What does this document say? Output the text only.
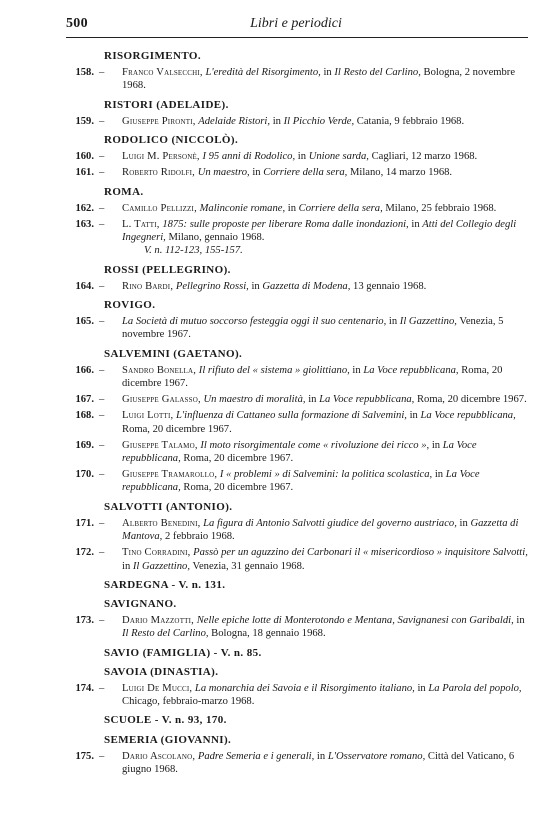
500	Libri e periodici
RISORGIMENTO.
158. – Franco Valsecchi, L'eredità del Risorgimento, in Il Resto del Carlino, Bologna, 2 novembre 1968.
RISTORI (ADELAIDE).
159. – Giuseppe Pironti, Adelaide Ristori, in Il Picchio Verde, Catania, 9 febbraio 1968.
RODOLICO (NICCOLÒ).
160. – Luigi M. Personè, I 95 anni di Rodolico, in Unione sarda, Cagliari, 12 marzo 1968.
161. – Roberto Ridolfi, Un maestro, in Corriere della sera, Milano, 14 marzo 1968.
ROMA.
162. – Camillo Pellizzi, Malinconie romane, in Corriere della sera, Milano, 25 febbraio 1968.
163. – L. Tatti, 1875: sulle proposte per liberare Roma dalle inondazioni, in Atti del Collegio degli Ingegneri, Milano, gennaio 1968.
V. n. 112-123, 155-157.
ROSSI (PELLEGRINO).
164. – Rino Bardi, Pellegrino Rossi, in Gazzetta di Modena, 13 gennaio 1968.
ROVIGO.
165. – La Società di mutuo soccorso festeggia oggi il suo centenario, in Il Gazzettino, Venezia, 5 novembre 1967.
SALVEMINI (GAETANO).
166. – Sandro Bonella, Il rifiuto del « sistema » giolittiano, in La Voce repubblicana, Roma, 20 dicembre 1967.
167. – Giuseppe Galasso, Un maestro di moralità, in La Voce repubblicana, Roma, 20 dicembre 1967.
168. – Luigi Lotti, L'influenza di Cattaneo sulla formazione di Salvemini, in La Voce repubblicana, Roma, 20 dicembre 1967.
169. – Giuseppe Talamo, Il moto risorgimentale come « rivoluzione dei ricco », in La Voce repubblicana, Roma, 20 dicembre 1967.
170. – Giuseppe Tramarollo, I « problemi » di Salvemini: la politica scolastica, in La Voce repubblicana, Roma, 20 dicembre 1967.
SALVOTTI (ANTONIO).
171. – Alberto Benedini, La figura di Antonio Salvotti giudice del governo austriaco, in Gazzetta di Mantova, 2 febbraio 1968.
172. – Tino Corradini, Passò per un aguzzino dei Carbonari il « misericordioso » inquisitore Salvotti, in Il Gazzettino, Venezia, 31 gennaio 1968.
SARDEGNA - V. n. 131.
SAVIGNANO.
173. – Dario Mazzotti, Nelle epiche lotte di Monterotondo e Mentana, Savignanesi con Garibaldi, in Il Resto del Carlino, Bologna, 18 gennaio 1968.
SAVIO (FAMIGLIA) - V. n. 85.
SAVOIA (DINASTIA).
174. – Luigi De Mucci, La monarchia dei Savoia e il Risorgimento italiano, in La Parola del popolo, Chicago, febbraio-marzo 1968.
SCUOLE - V. n. 93, 170.
SEMERIA (GIOVANNI).
175. – Dario Ascolano, Padre Semeria e i generali, in L'Osservatore romano, Città del Vaticano, 6 giugno 1968.
